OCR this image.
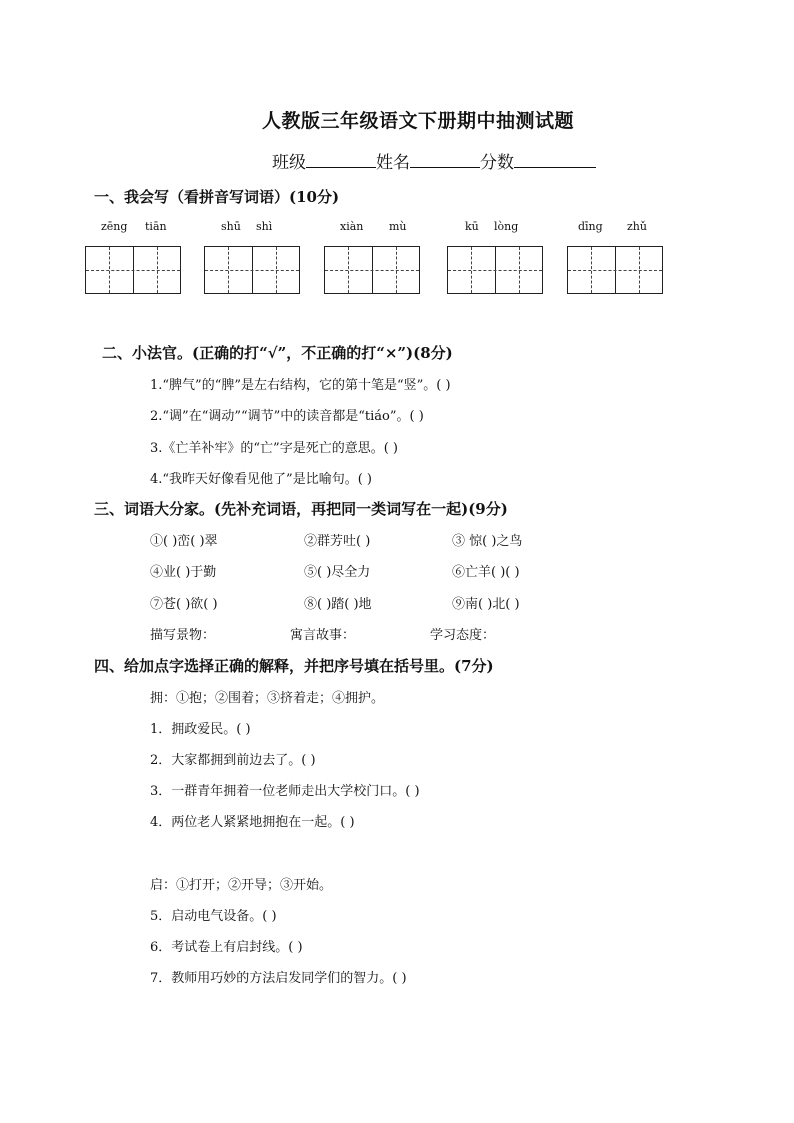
人教版三年级语文下册期中抽测试题
班级	姓名	分数
一、我会写（看拼音写词语）(10分)
zēng tiān	shū shì	xiàn mù	kū lòng	dīng zhǔ
二、小法官。(正确的打“√”，不正确的打“×”)(8分)
1.“脾气”的“脾”是左右结构，它的第十笔是“竖”。( )
2.“调”在“调动”“调节”中的读音都是“tiáo”。( )
3.《亡羊补牢》的“亡”字是死亡的意思。( )
4.“我昨天好像看见他了”是比喻句。( )
三、词语大分家。(先补充词语，再把同一类词写在一起)(9分)
①( )峦( )翠	②群芳吐( )	③ 惊( )之鸟
④业( )于勤	⑤( )尽全力	⑥亡羊( )( )
⑦苍( )欲( )	⑧( )踏( )地	⑨南( )北( )
描写景物：	寓言故事：	学习态度：
四、给加点字选择正确的解释，并把序号填在括号里。(7分)
拥：①抱；②围着；③挤着走；④拥护。
1．拥政爱民。( )
2．大家都拥到前边去了。( )
3．一群青年拥着一位老师走出大学校门口。( )
4．两位老人紧紧地拥抱在一起。( )
启：①打开；②开导；③开始。
5．启动电气设备。( )
6．考试卷上有启封线。( )
7．教师用巧妙的方法启发同学们的智力。( )
